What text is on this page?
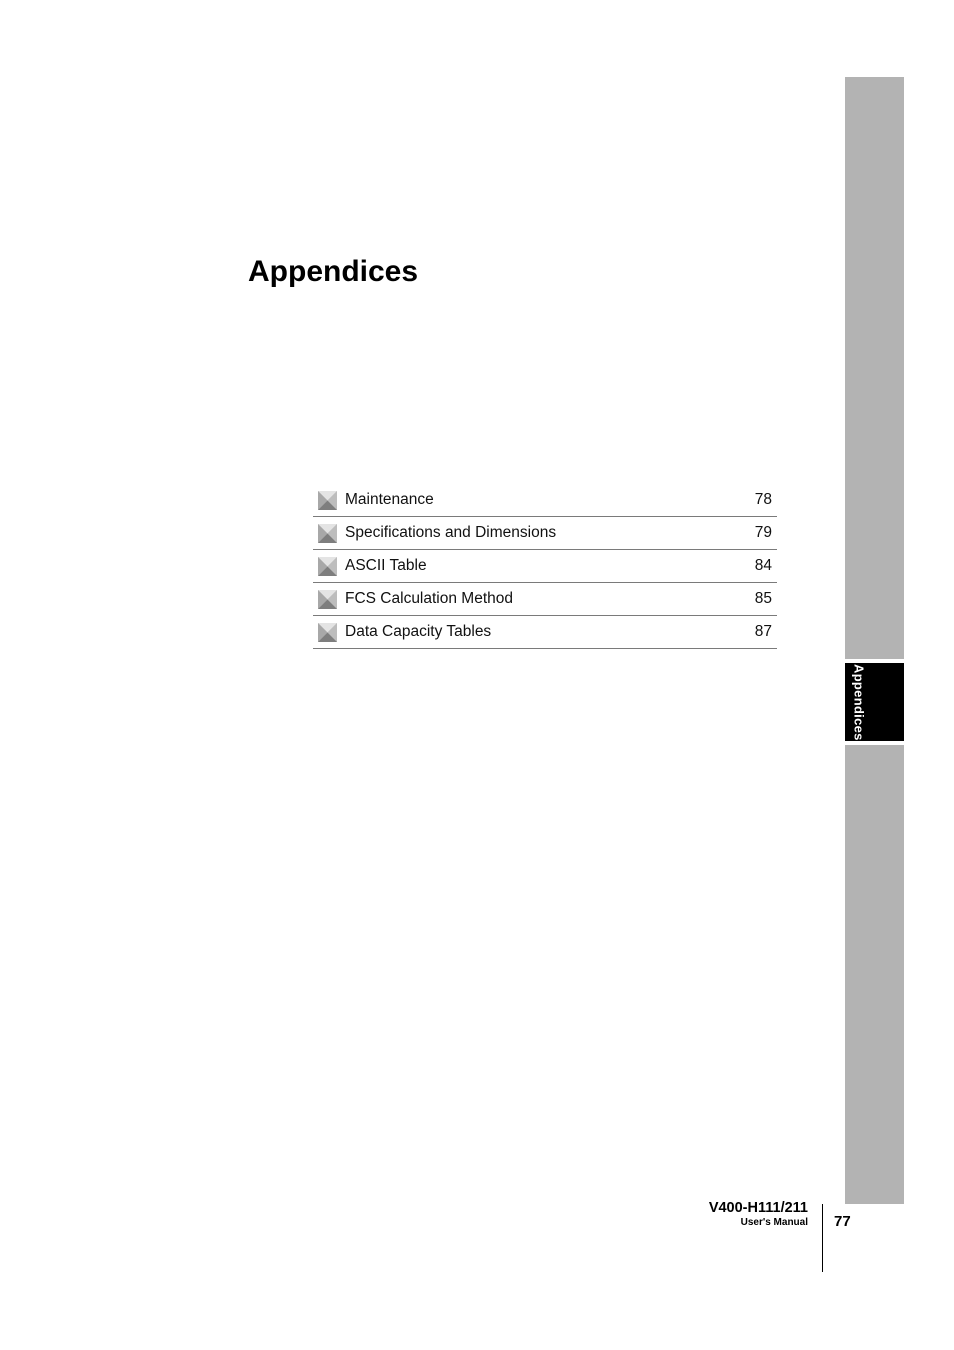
Appendices
Appendices
Maintenance	78
Specifications and Dimensions	79
ASCII Table	84
FCS Calculation Method	85
Data Capacity Tables	87
V400-H111/211
User's Manual 77
